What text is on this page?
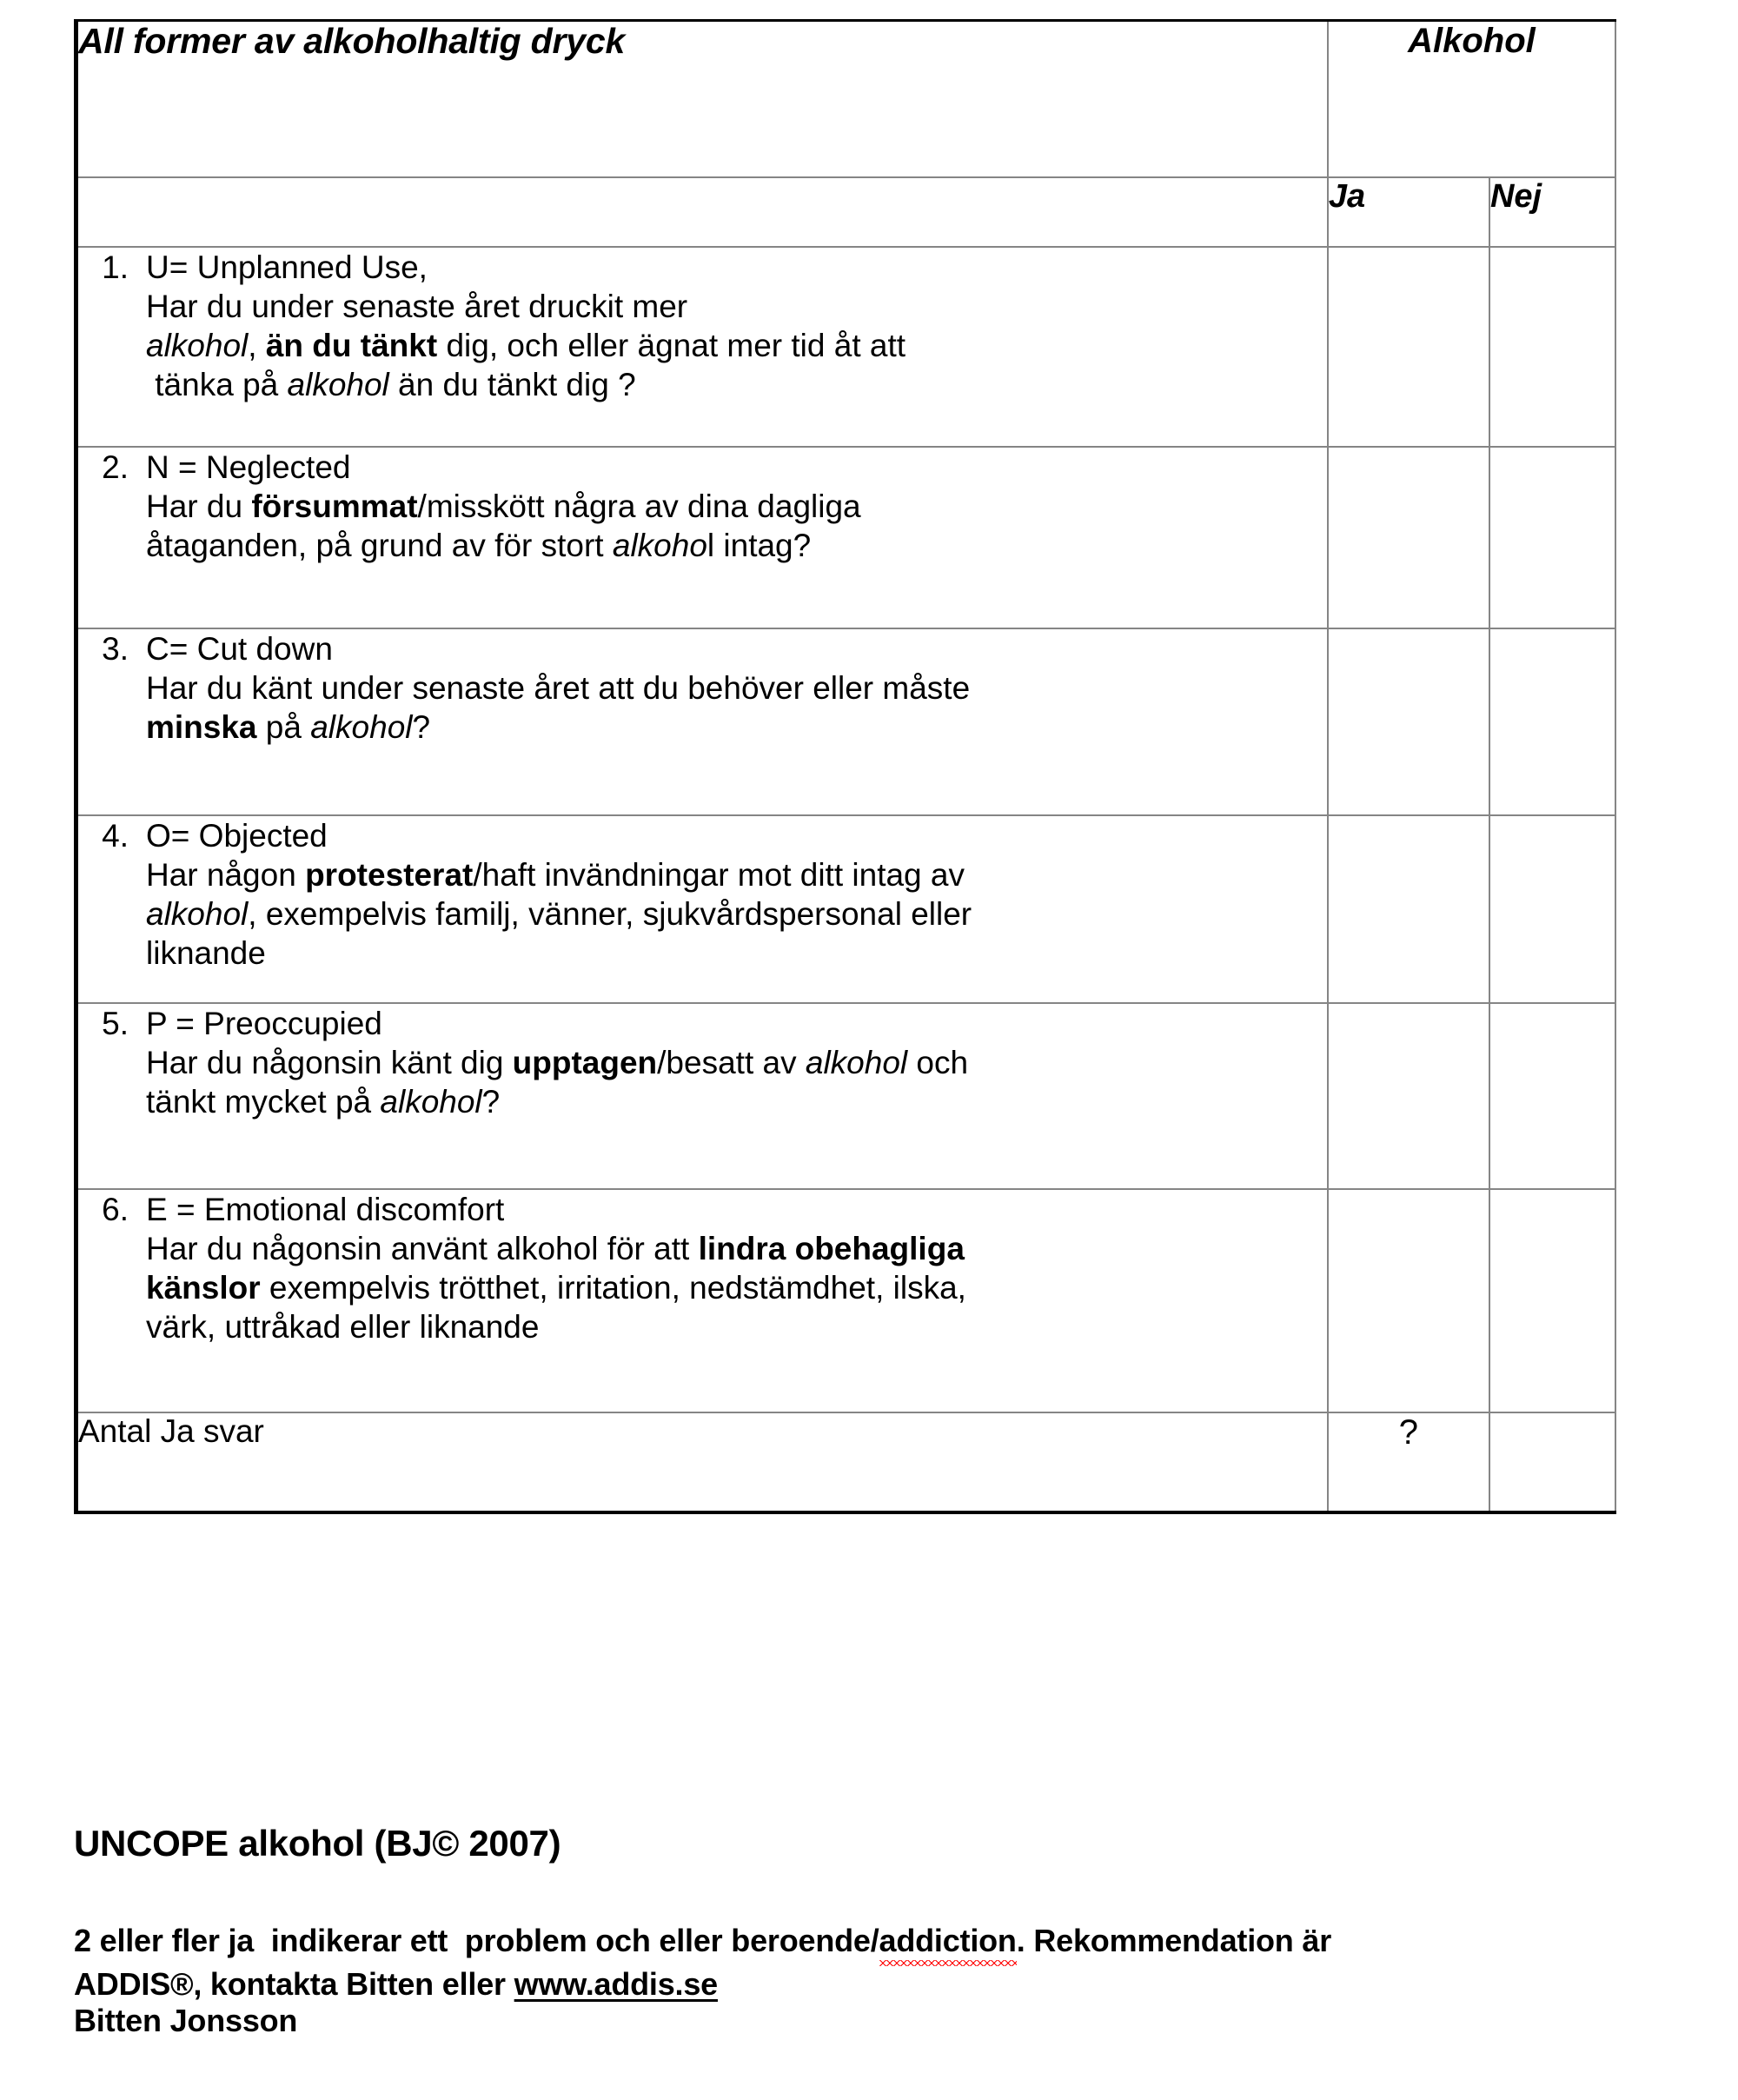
All former av alkoholhaltig dryck	Alkohol	
	Ja	Nej

1. U= Unplanned Use,
Har du under senaste året druckit mer
alkohol, än du tänkt dig, och eller ägnat mer tid åt att
tänka på alkohol än du tänkt dig ?		

2. N = Neglected
Har du försummat/misskött några av dina dagliga
åtaganden, på grund av för stort alkohol intag?		

3. C= Cut down
Har du känt under senaste året att du behöver eller måste
minska på alkohol?		

4. O= Objected
Har någon protesterat/haft invändningar mot ditt intag av
alkohol, exempelvis familj, vänner, sjukvårdspersonal eller
liknande		

5. P = Preoccupied
Har du någonsin känt dig upptagen/besatt av alkohol och
tänkt mycket på alkohol?		

6. E = Emotional discomfort
Har du någonsin använt alkohol för att lindra obehagliga
känslor exempelvis trötthet, irritation, nedstämdhet, ilska,
värk, uttråkad eller liknande		

Antal Ja svar	?	
UNCOPE alkohol (BJ© 2007)
2 eller fler ja  indikerar ett  problem och eller beroende/addiction. Rekommendation är
ADDIS®, kontakta Bitten eller www.addis.se
Bitten Jonsson
